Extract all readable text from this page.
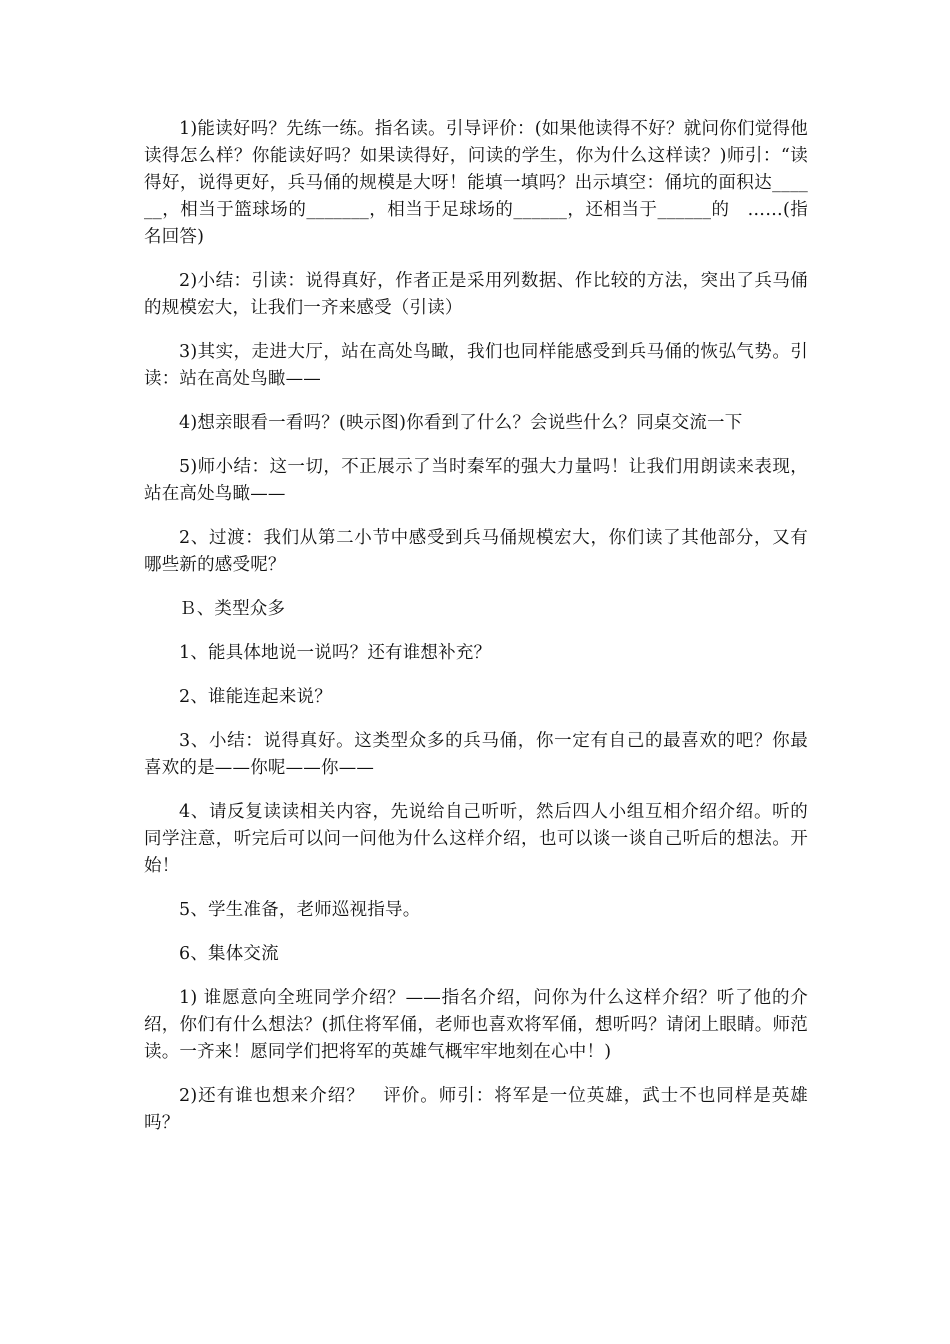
1)能读好吗？先练一练。指名读。引导评价：(如果他读得不好？就问你们觉得他读得怎么样？你能读好吗？如果读得好，问读的学生，你为什么这样读？)师引：“读得好，说得更好，兵马俑的规模是大呀！能填一填吗？出示填空：俑坑的面积达______，相当于篮球场的_______，相当于足球场的______，还相当于______的　……(指名回答)

2)小结：引读：说得真好，作者正是采用列数据、作比较的方法，突出了兵马俑的规模宏大，让我们一齐来感受（引读）

3)其实，走进大厅，站在高处鸟瞰，我们也同样能感受到兵马俑的恢弘气势。引读：站在高处鸟瞰——

4)想亲眼看一看吗？(映示图)你看到了什么？会说些什么？同桌交流一下

5)师小结：这一切，不正展示了当时秦军的强大力量吗！让我们用朗读来表现，站在高处鸟瞰——

2、过渡：我们从第二小节中感受到兵马俑规模宏大，你们读了其他部分，又有哪些新的感受呢？

Ｂ、类型众多

1、能具体地说一说吗？还有谁想补充？

2、谁能连起来说？

3、小结：说得真好。这类型众多的兵马俑，你一定有自己的最喜欢的吧？你最喜欢的是——你呢——你——

4、请反复读读相关内容，先说给自己听听，然后四人小组互相介绍介绍。听的同学注意，听完后可以问一问他为什么这样介绍，也可以谈一谈自己听后的想法。开始！

5、学生准备，老师巡视指导。

6、集体交流

1) 谁愿意向全班同学介绍？——指名介绍，问你为什么这样介绍？听了他的介绍，你们有什么想法？(抓住将军俑，老师也喜欢将军俑，想听吗？请闭上眼睛。师范读。一齐来！愿同学们把将军的英雄气概牢牢地刻在心中！)

2)还有谁也想来介绍？　评价。师引：将军是一位英雄，武士不也同样是英雄吗？
